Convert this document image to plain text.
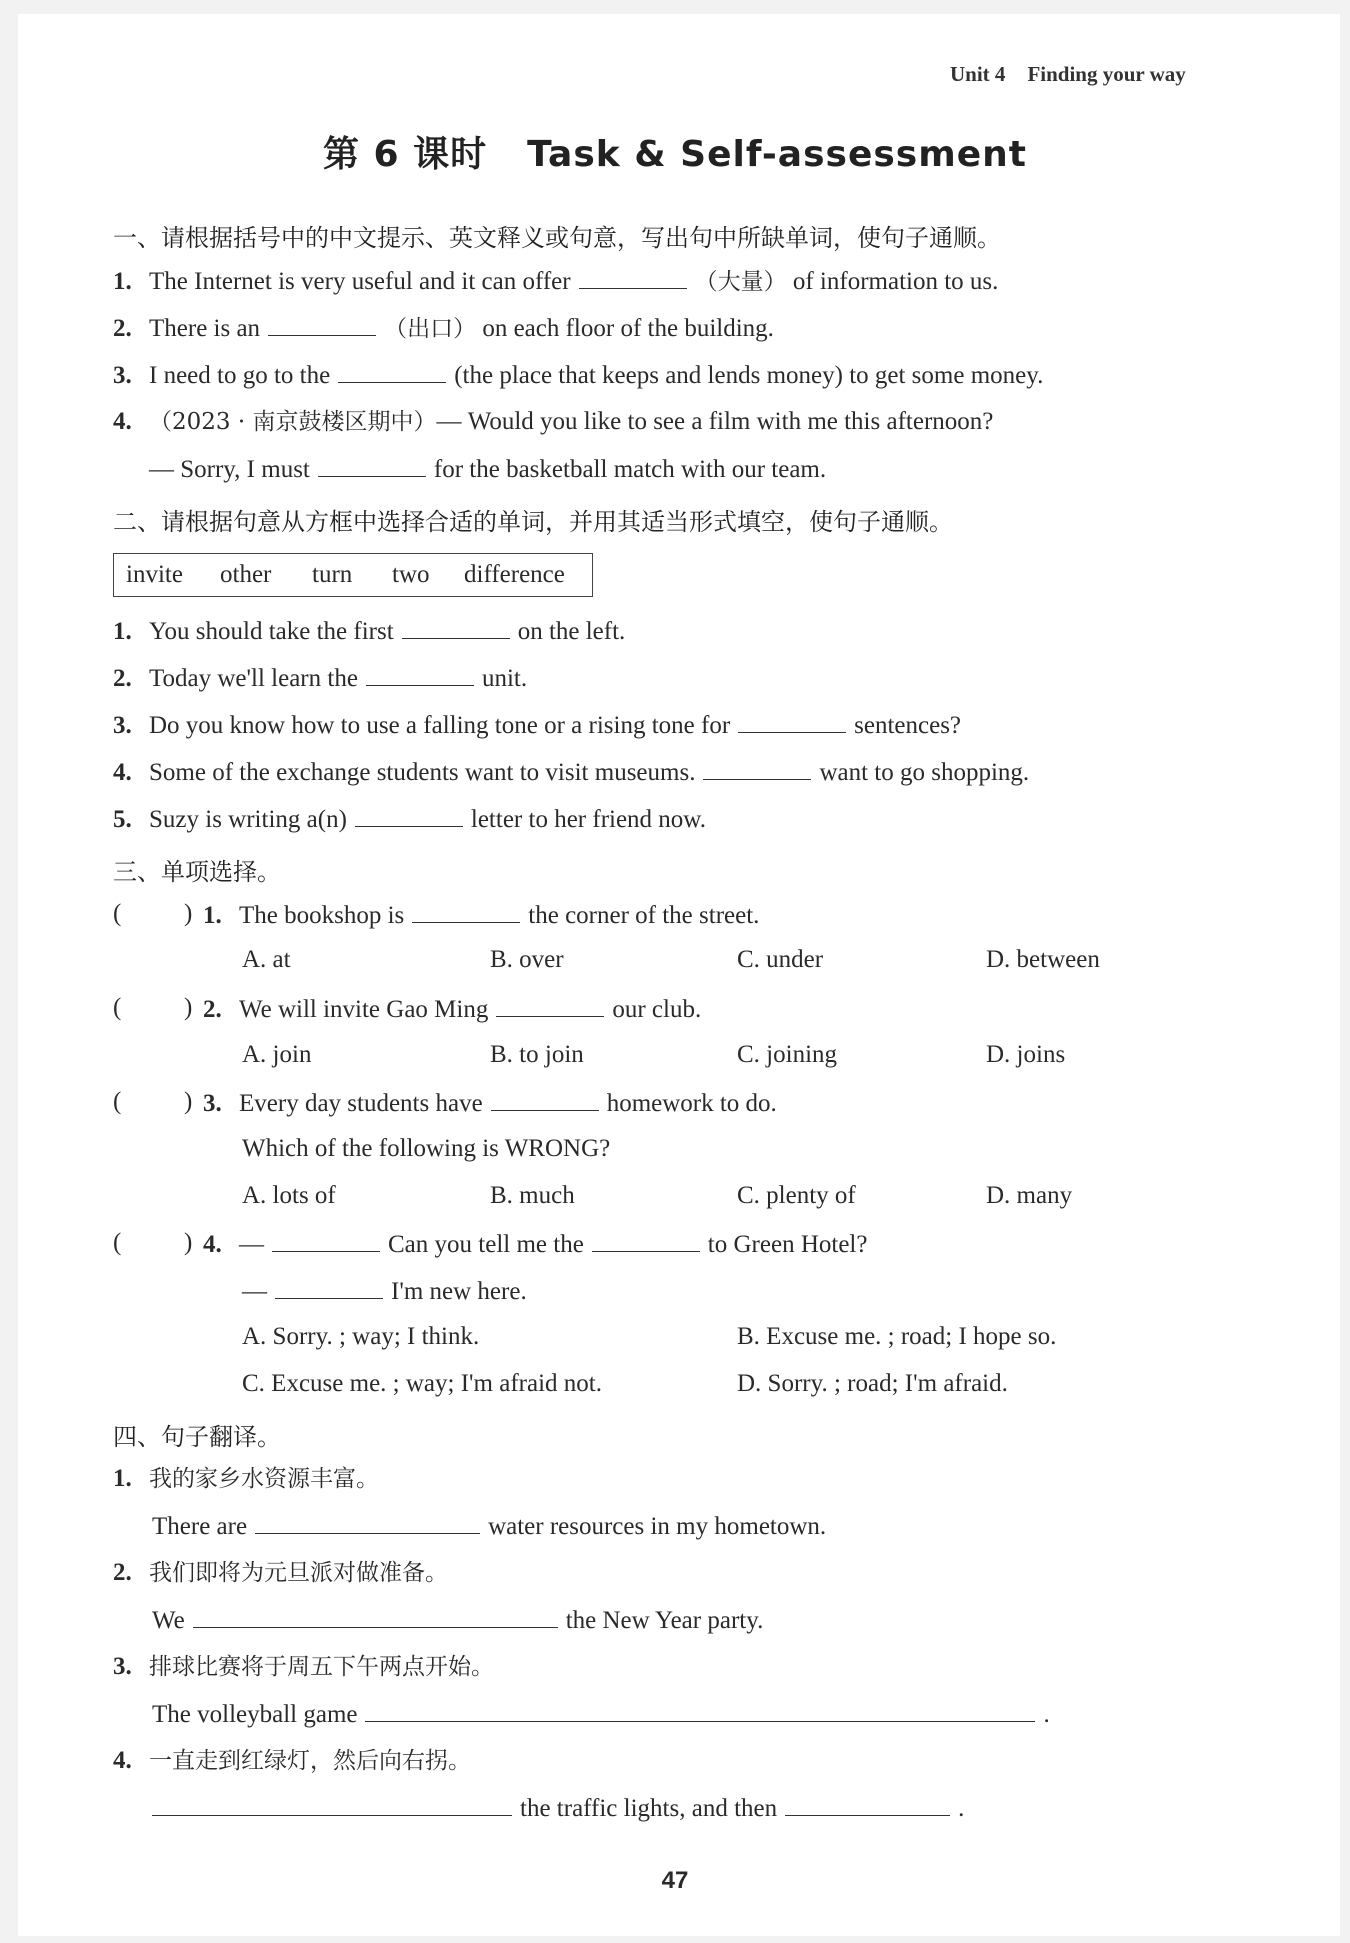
Unit 4 Finding your way
第 6 课时 Task & Self-assessment
一、请根据括号中的中文提示、英文释义或句意，写出句中所缺单词，使句子通顺。
1. The Internet is very useful and it can offer	（大量） of information to us.
2. There is an	（出口） on each floor of the building.
3. I need to go to the	(the place that keeps and lends money) to get some money.
4. （2023 · 南京鼓楼区期中）— Would you like to see a film with me this afternoon?
— Sorry, I must	for the basketball match with our team.
二、请根据句意从方框中选择合适的单词，并用其适当形式填空，使句子通顺。
invite other turn two difference
1. You should take the first	on the left.
2. Today we'll learn the	unit.
3. Do you know how to use a falling tone or a rising tone for	sentences?
4. Some of the exchange students want to visit museums.	want to go shopping.
5. Suzy is writing a(n)	letter to her friend now.
三、单项选择。
(	) 1. The bookshop is	the corner of the street.
A. at	B. over	C. under	D. between
(	) 2. We will invite Gao Ming	our club.
A. join	B. to join	C. joining	D. joins
(	) 3. Every day students have	homework to do.
Which of the following is WRONG?
A. lots of	B. much	C. plenty of	D. many
(	) 4. —	Can you tell me the	to Green Hotel?
—	I'm new here.
A. Sorry. ; way; I think.	B. Excuse me. ; road; I hope so.
C. Excuse me. ; way; I'm afraid not.	D. Sorry. ; road; I'm afraid.
四、句子翻译。
1. 我的家乡水资源丰富。
There are	water resources in my hometown.
2. 我们即将为元旦派对做准备。
We	the New Year party.
3. 排球比赛将于周五下午两点开始。
The volleyball game	.
4. 一直走到红绿灯，然后向右拐。
the traffic lights, and then	.
47
